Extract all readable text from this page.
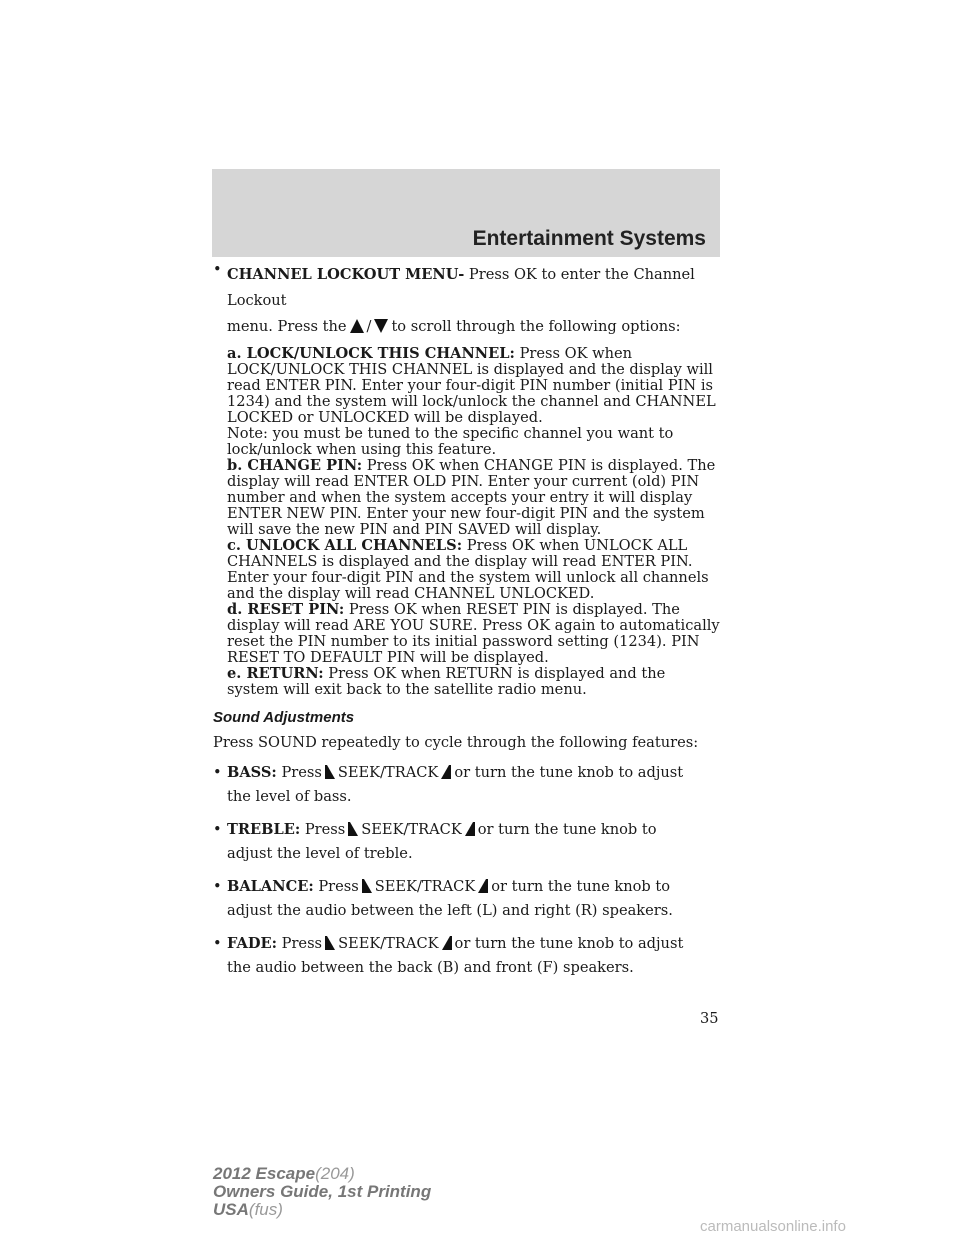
Entertainment Systems
• CHANNEL LOCKOUT MENU- Press OK to enter the Channel Lockout
menu. Press the / to scroll through the following options:
a. LOCK/UNLOCK THIS CHANNEL: Press OK when LOCK/UNLOCK THIS CHANNEL is displayed and the display will read ENTER PIN. Enter your four-digit PIN number (initial PIN is 1234) and the system will lock/unlock the channel and CHANNEL LOCKED or UNLOCKED will be displayed.
Note: you must be tuned to the specific channel you want to lock/unlock when using this feature.
b. CHANGE PIN: Press OK when CHANGE PIN is displayed. The display will read ENTER OLD PIN. Enter your current (old) PIN number and when the system accepts your entry it will display ENTER NEW PIN. Enter your new four-digit PIN and the system will save the new PIN and PIN SAVED will display.
c. UNLOCK ALL CHANNELS: Press OK when UNLOCK ALL CHANNELS is displayed and the display will read ENTER PIN. Enter your four-digit PIN and the system will unlock all channels and the display will read CHANNEL UNLOCKED.
d. RESET PIN: Press OK when RESET PIN is displayed. The display will read ARE YOU SURE. Press OK again to automatically reset the PIN number to its initial password setting (1234). PIN RESET TO DEFAULT PIN will be displayed.
e. RETURN: Press OK when RETURN is displayed and the system will exit back to the satellite radio menu.
Sound Adjustments
Press SOUND repeatedly to cycle through the following features:
• BASS: Press SEEK/TRACK or turn the tune knob to adjust
the level of bass.
• TREBLE: Press SEEK/TRACK or turn the tune knob to
adjust the level of treble.
• BALANCE: Press SEEK/TRACK or turn the tune knob to
adjust the audio between the left (L) and right (R) speakers.
• FADE: Press SEEK/TRACK or turn the tune knob to adjust
the audio between the back (B) and front (F) speakers.
35
2012 Escape(204)
Owners Guide, 1st Printing
USA(fus)
carmanualsonline.info
